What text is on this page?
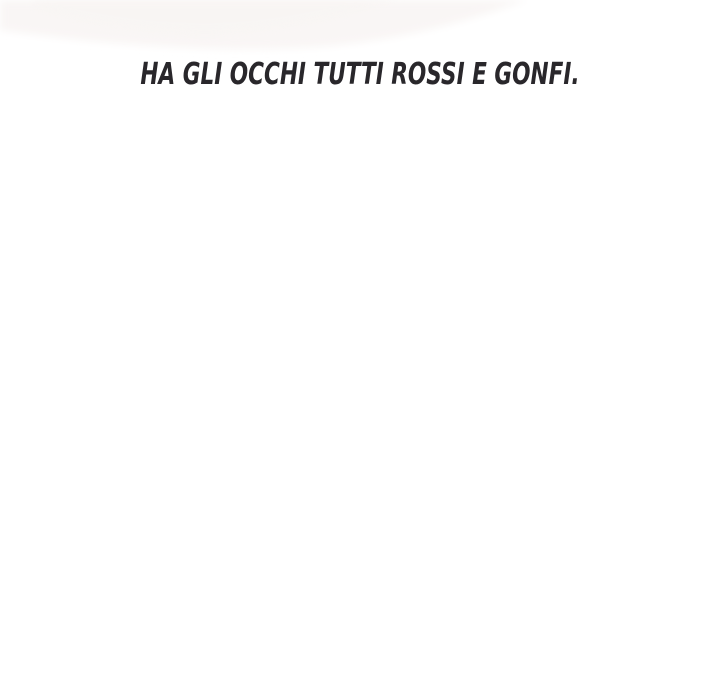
HA GLI OCCHI TUTTI ROSSI E GONFI.
